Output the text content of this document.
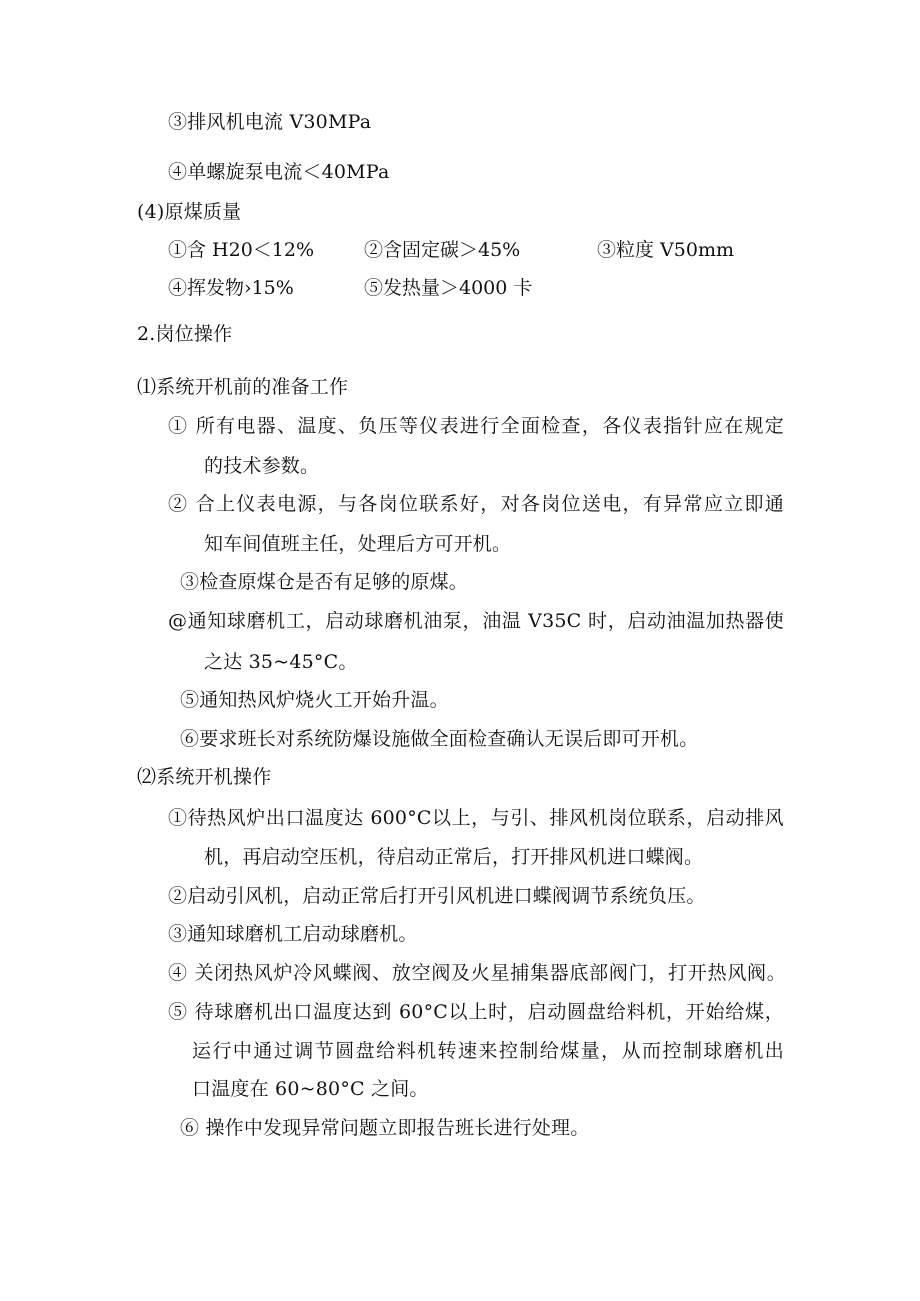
③排风机电流 V30MPa
④单螺旋泵电流＜40MPa
(4)原煤质量
①含 H20＜12%	②含固定碳＞45%	③粒度 V50mm
④挥发物›15%	⑤发热量＞4000 卡
2.岗位操作
⑴系统开机前的准备工作
① 所有电器、温度、负压等仪表进行全面检查，各仪表指针应在规定
的技术参数。
② 合上仪表电源，与各岗位联系好，对各岗位送电，有异常应立即通
知车间值班主任，处理后方可开机。
③检查原煤仓是否有足够的原煤。
@通知球磨机工，启动球磨机油泵，油温 V35C 时，启动油温加热器使
之达 35~45°C。
⑤通知热风炉烧火工开始升温。
⑥要求班长对系统防爆设施做全面检查确认无误后即可开机。
⑵系统开机操作
①待热风炉出口温度达 600°C以上，与引、排风机岗位联系，启动排风
机，再启动空压机，待启动正常后，打开排风机进口蝶阀。
②启动引风机，启动正常后打开引风机进口蝶阀调节系统负压。
③通知球磨机工启动球磨机。
④ 关闭热风炉冷风蝶阀、放空阀及火星捕集器底部阀门，打开热风阀。
⑤ 待球磨机出口温度达到 60°C以上时，启动圆盘给料机，开始给煤，
运行中通过调节圆盘给料机转速来控制给煤量，从而控制球磨机出
口温度在 60~80°C 之间。
⑥ 操作中发现异常问题立即报告班长进行处理。
